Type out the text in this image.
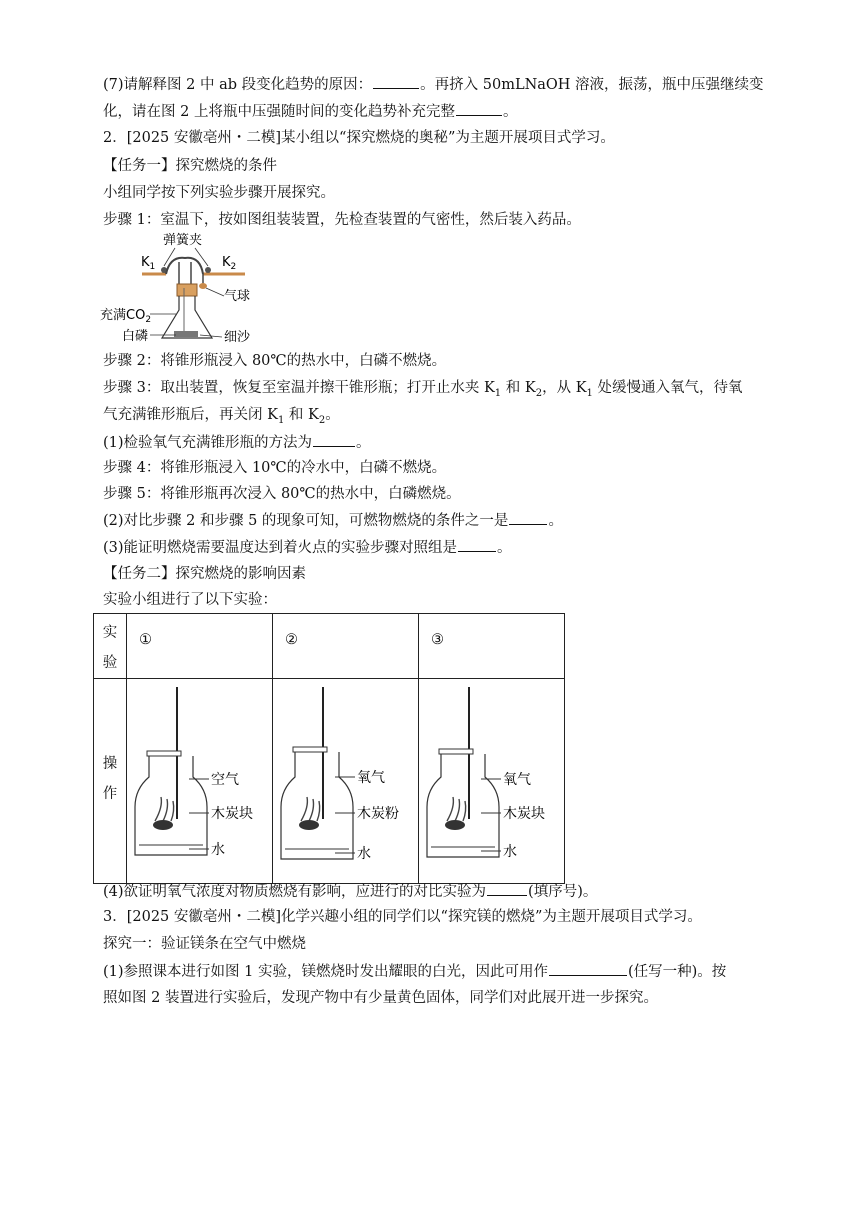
(7)请解释图 2 中 ab 段变化趋势的原因：	。再挤入 50mLNaOH 溶液，振荡，瓶中压强继续变
化，请在图 2 上将瓶中压强随时间的变化趋势补充完整	。
2．[2025 安徽亳州・二模]某小组以“探究燃烧的奥秘”为主题开展项目式学习。
【任务一】探究燃烧的条件
小组同学按下列实验步骤开展探究。
步骤 1：室温下，按如图组装装置，先检查装置的气密性，然后装入药品。
弹簧夹
$K_1$	$K_2$
气球
充满$CO_2$
白磷	细沙
步骤 2：将锥形瓶浸入 80℃的热水中，白磷不燃烧。
步骤 3：取出装置，恢复至室温并擦干锥形瓶；打开止水夹 $K_1$ 和 $K_2$，从 $K_1$ 处缓慢通入氧气，待氧
气充满锥形瓶后，再关闭 $K_1$ 和 $K_2$。
(1)检验氧气充满锥形瓶的方法为	。
步骤 4：将锥形瓶浸入 10℃的冷水中，白磷不燃烧。
步骤 5：将锥形瓶再次浸入 80℃的热水中，白磷燃烧。
(2)对比步骤 2 和步骤 5 的现象可知，可燃物燃烧的条件之一是	。
(3)能证明燃烧需要温度达到着火点的实验步骤对照组是	。
【任务二】探究燃烧的影响因素
实验小组进行了以下实验：
实
验	①	②	③

操
作	空气
木炭块
水	氧气
木炭粉
水	氧气
木炭块
水
(4)欲证明氧气浓度对物质燃烧有影响，应进行的对比实验为	(填序号)。
3．[2025 安徽亳州・二模]化学兴趣小组的同学们以“探究镁的燃烧”为主题开展项目式学习。
探究一：验证镁条在空气中燃烧
(1)参照课本进行如图 1 实验，镁燃烧时发出耀眼的白光，因此可用作	(任写一种)。按
照如图 2 装置进行实验后，发现产物中有少量黄色固体，同学们对此展开进一步探究。
